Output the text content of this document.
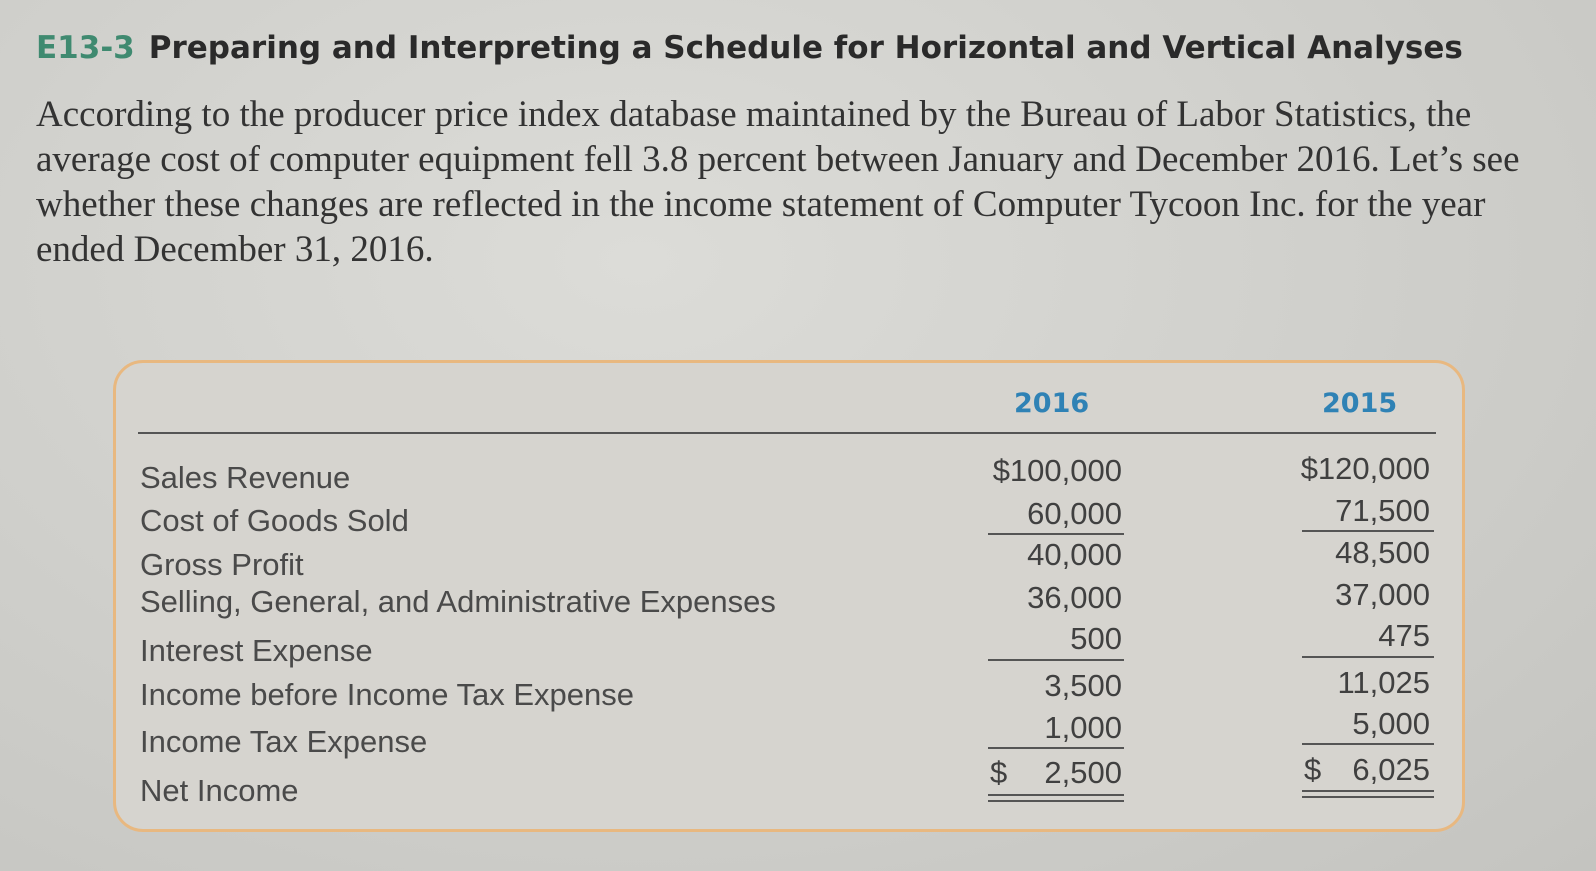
E13-3 Preparing and Interpreting a Schedule for Horizontal and Vertical Analyses
According to the producer price index database maintained by the Bureau of Labor Statistics, the average cost of computer equipment fell 3.8 percent between January and December 2016. Let’s see whether these changes are reflected in the income statement of Computer Tycoon Inc. for the year ended December 31, 2016.
2016	2015
Sales Revenue
Cost of Goods Sold
Gross Profit
Selling, General, and Administrative Expenses
Interest Expense
Income before Income Tax Expense
Income Tax Expense
Net Income
$100,000
60,000
40,000
36,000
500
3,500
1,000
$ 2,500
$120,000
71,500
48,500
37,000
475
11,025
5,000
$ 6,025
